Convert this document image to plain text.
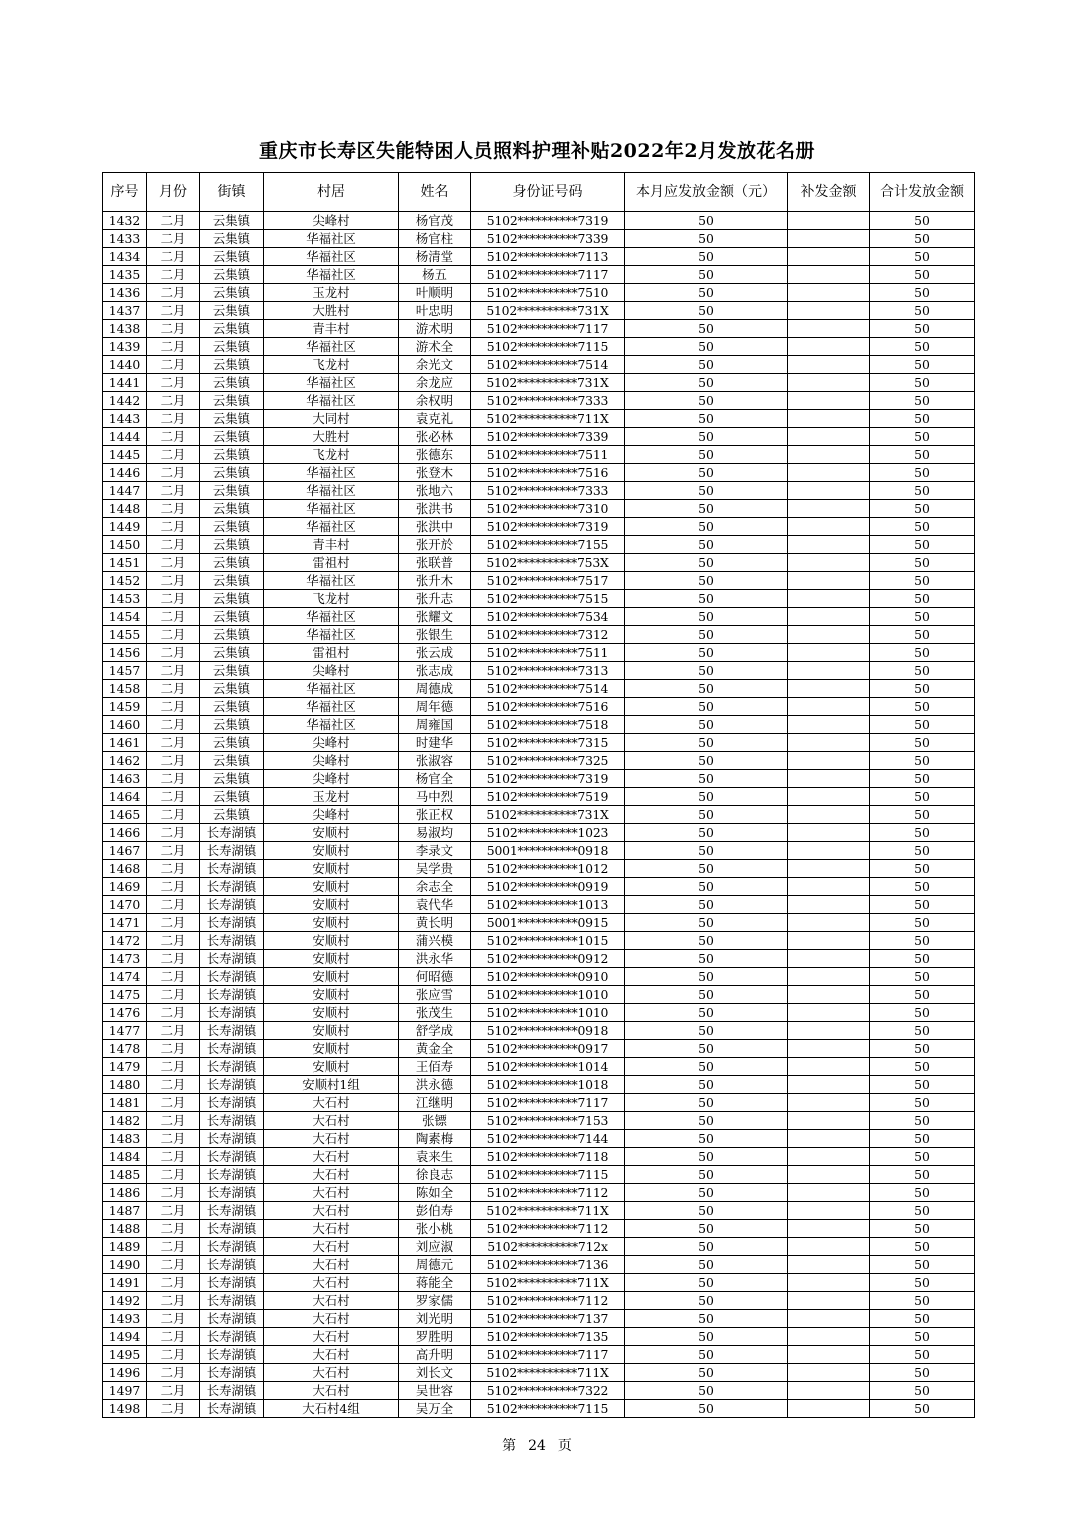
重庆市长寿区失能特困人员照料护理补贴2022年2月发放花名册
序号	月份	街镇	村居	姓名	身份证号码	本月应发放金额（元）	补发金额	合计发放金额
1432	二月	云集镇	尖峰村	杨官茂	5102**********7319	50		50
1433	二月	云集镇	华福社区	杨官柱	5102**********7339	50		50
1434	二月	云集镇	华福社区	杨清堂	5102**********7113	50		50
1435	二月	云集镇	华福社区	杨五	5102**********7117	50		50
1436	二月	云集镇	玉龙村	叶顺明	5102**********7510	50		50
1437	二月	云集镇	大胜村	叶忠明	5102**********731X	50		50
1438	二月	云集镇	青丰村	游术明	5102**********7117	50		50
1439	二月	云集镇	华福社区	游术全	5102**********7115	50		50
1440	二月	云集镇	飞龙村	余光文	5102**********7514	50		50
1441	二月	云集镇	华福社区	余龙应	5102**********731X	50		50
1442	二月	云集镇	华福社区	余权明	5102**********7333	50		50
1443	二月	云集镇	大同村	袁克礼	5102**********711X	50		50
1444	二月	云集镇	大胜村	张必林	5102**********7339	50		50
1445	二月	云集镇	飞龙村	张德东	5102**********7511	50		50
1446	二月	云集镇	华福社区	张登木	5102**********7516	50		50
1447	二月	云集镇	华福社区	张地六	5102**********7333	50		50
1448	二月	云集镇	华福社区	张洪书	5102**********7310	50		50
1449	二月	云集镇	华福社区	张洪中	5102**********7319	50		50
1450	二月	云集镇	青丰村	张开於	5102**********7155	50		50
1451	二月	云集镇	雷祖村	张联普	5102**********753X	50		50
1452	二月	云集镇	华福社区	张升木	5102**********7517	50		50
1453	二月	云集镇	飞龙村	张升志	5102**********7515	50		50
1454	二月	云集镇	华福社区	张耀文	5102**********7534	50		50
1455	二月	云集镇	华福社区	张银生	5102**********7312	50		50
1456	二月	云集镇	雷祖村	张云成	5102**********7511	50		50
1457	二月	云集镇	尖峰村	张志成	5102**********7313	50		50
1458	二月	云集镇	华福社区	周德成	5102**********7514	50		50
1459	二月	云集镇	华福社区	周年德	5102**********7516	50		50
1460	二月	云集镇	华福社区	周雍国	5102**********7518	50		50
1461	二月	云集镇	尖峰村	时建华	5102**********7315	50		50
1462	二月	云集镇	尖峰村	张淑容	5102**********7325	50		50
1463	二月	云集镇	尖峰村	杨官全	5102**********7319	50		50
1464	二月	云集镇	玉龙村	马中烈	5102**********7519	50		50
1465	二月	云集镇	尖峰村	张正权	5102**********731X	50		50
1466	二月	长寿湖镇	安顺村	易淑均	5102**********1023	50		50
1467	二月	长寿湖镇	安顺村	李录文	5001**********0918	50		50
1468	二月	长寿湖镇	安顺村	吴学贵	5102**********1012	50		50
1469	二月	长寿湖镇	安顺村	余志全	5102**********0919	50		50
1470	二月	长寿湖镇	安顺村	袁代华	5102**********1013	50		50
1471	二月	长寿湖镇	安顺村	黄长明	5001**********0915	50		50
1472	二月	长寿湖镇	安顺村	蒲兴模	5102**********1015	50		50
1473	二月	长寿湖镇	安顺村	洪永华	5102**********0912	50		50
1474	二月	长寿湖镇	安顺村	何昭德	5102**********0910	50		50
1475	二月	长寿湖镇	安顺村	张应雪	5102**********1010	50		50
1476	二月	长寿湖镇	安顺村	张茂生	5102**********1010	50		50
1477	二月	长寿湖镇	安顺村	舒学成	5102**********0918	50		50
1478	二月	长寿湖镇	安顺村	黄金全	5102**********0917	50		50
1479	二月	长寿湖镇	安顺村	王佰寿	5102**********1014	50		50
1480	二月	长寿湖镇	安顺村1组	洪永德	5102**********1018	50		50
1481	二月	长寿湖镇	大石村	江继明	5102**********7117	50		50
1482	二月	长寿湖镇	大石村	张镖	5102**********7153	50		50
1483	二月	长寿湖镇	大石村	陶素梅	5102**********7144	50		50
1484	二月	长寿湖镇	大石村	袁来生	5102**********7118	50		50
1485	二月	长寿湖镇	大石村	徐良志	5102**********7115	50		50
1486	二月	长寿湖镇	大石村	陈如全	5102**********7112	50		50
1487	二月	长寿湖镇	大石村	彭伯寿	5102**********711X	50		50
1488	二月	长寿湖镇	大石村	张小桃	5102**********7112	50		50
1489	二月	长寿湖镇	大石村	刘应淑	5102**********712x	50		50
1490	二月	长寿湖镇	大石村	周德元	5102**********7136	50		50
1491	二月	长寿湖镇	大石村	蒋能全	5102**********711X	50		50
1492	二月	长寿湖镇	大石村	罗家儒	5102**********7112	50		50
1493	二月	长寿湖镇	大石村	刘光明	5102**********7137	50		50
1494	二月	长寿湖镇	大石村	罗胜明	5102**********7135	50		50
1495	二月	长寿湖镇	大石村	高升明	5102**********7117	50		50
1496	二月	长寿湖镇	大石村	刘长文	5102**********711X	50		50
1497	二月	长寿湖镇	大石村	吴世容	5102**********7322	50		50
1498	二月	长寿湖镇	大石村4组	吴万全	5102**********7115	50		50
第 24 页
